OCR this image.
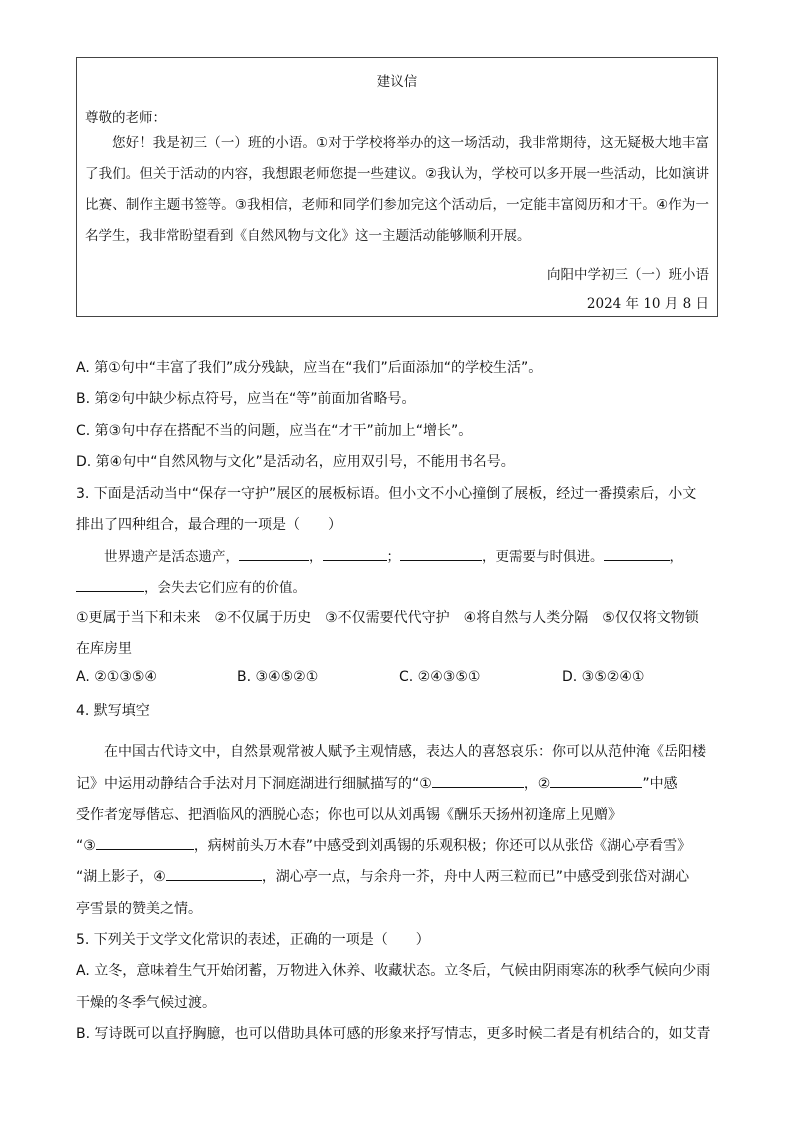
建议信
尊敬的老师：
您好！我是初三（一）班的小语。①对于学校将举办的这一场活动，我非常期待，这无疑极大地丰富了我们。但关于活动的内容，我想跟老师您提一些建议。②我认为，学校可以多开展一些活动，比如演讲比赛、制作主题书签等。③我相信，老师和同学们参加完这个活动后，一定能丰富阅历和才干。④作为一名学生，我非常盼望看到《自然风物与文化》这一主题活动能够顺利开展。
向阳中学初三（一）班小语
2024 年 10 月 8 日
A. 第①句中“丰富了我们”成分残缺，应当在“我们”后面添加“的学校生活”。
B. 第②句中缺少标点符号，应当在“等”前面加省略号。
C. 第③句中存在搭配不当的问题，应当在“才干”前加上“增长”。
D. 第④句中“自然风物与文化”是活动名，应用双引号，不能用书名号。
3. 下面是活动当中“保存一守护”展区的展板标语。但小文不小心撞倒了展板，经过一番摸索后，小文
排出了四种组合，最合理的一项是（　　）
世界遗产是活态遗产，	，	；	，更需要与时俱进。	，
，会失去它们应有的价值。
①更属于当下和未来　②不仅属于历史　③不仅需要代代守护　④将自然与人类分隔　⑤仅仅将文物锁
在库房里
A. ②①③⑤④	B. ③④⑤②①	C. ②④③⑤①	D. ③⑤②④①
4. 默写填空
在中国古代诗文中，自然景观常被人赋予主观情感，表达人的喜怒哀乐：你可以从范仲淹《岳阳楼
记》中运用动静结合手法对月下洞庭湖进行细腻描写的“①	，②	”中感
受作者宠辱偕忘、把酒临风的洒脱心态；你也可以从刘禹锡《酬乐天扬州初逢席上见赠》
“③	，病树前头万木春”中感受到刘禹锡的乐观积极；你还可以从张岱《湖心亭看雪》
“湖上影子，④	，湖心亭一点，与余舟一芥，舟中人两三粒而已”中感受到张岱对湖心
亭雪景的赞美之情。
5. 下列关于文学文化常识的表述，正确的一项是（　　）
A. 立冬，意味着生气开始闭蓄，万物进入休养、收藏状态。立冬后，气候由阴雨寒冻的秋季气候向少雨
干燥的冬季气候过渡。
B. 写诗既可以直抒胸臆，也可以借助具体可感的形象来抒写情志，更多时候二者是有机结合的，如艾青
